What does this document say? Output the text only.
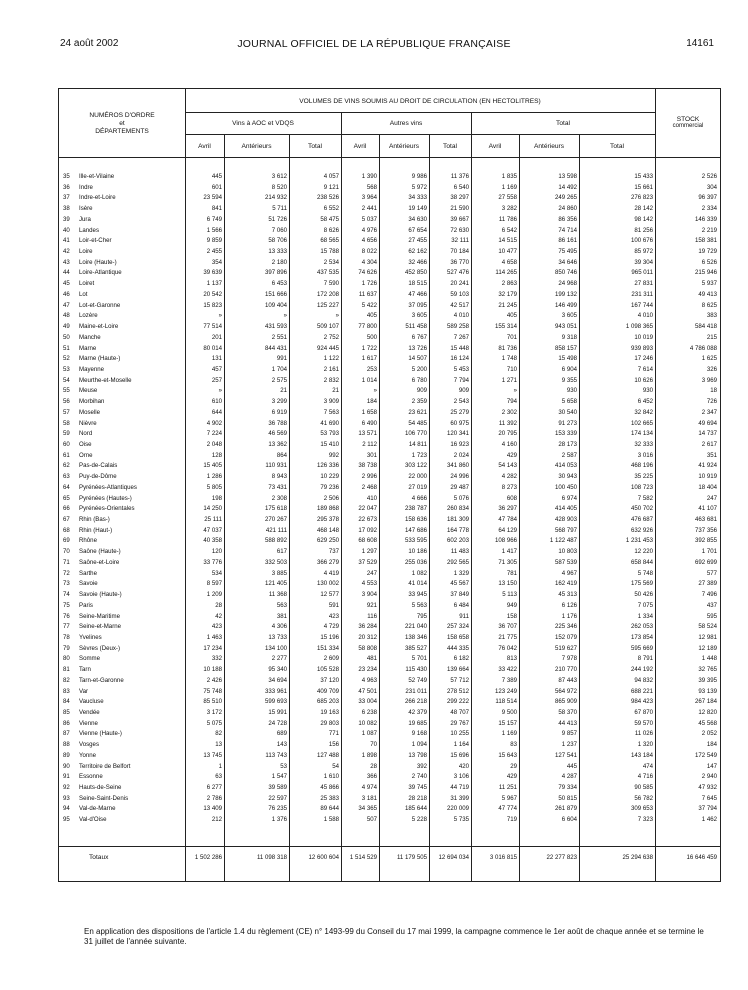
24 août 2002	JOURNAL OFFICIEL DE LA RÉPUBLIQUE FRANÇAISE	14161
NUMÉROS D'ORDRE
et
DÉPARTEMENTS
VOLUMES DE VINS SOUMIS AU DROIT DE CIRCULATION (EN HECTOLITRES)
Vins à AOC et VDQS	Autres vins	Total
STOCK
commercial
Avril	Antérieurs	Total	Avril	Antérieurs	Total	Avril	Antérieurs	Total
35 Ille-et-Vilaine	445	3 612	4 057	1 390	9 986	11 376	1 835	13 598	15 433	2 526
36 Indre	601	8 520	9 121	568	5 972	6 540	1 169	14 492	15 661	304
37 Indre-et-Loire	23 594	214 932	238 526	3 964	34 333	38 297	27 558	249 265	276 823	96 397
38 Isère	841	5 711	6 552	2 441	19 149	21 590	3 282	24 860	28 142	2 334
39 Jura	6 749	51 726	58 475	5 037	34 630	39 667	11 786	86 356	98 142	146 339
40 Landes	1 566	7 060	8 626	4 976	67 654	72 630	6 542	74 714	81 256	2 219
41 Loir-et-Cher	9 859	58 706	68 565	4 656	27 455	32 111	14 515	86 161	100 676	158 381
42 Loire	2 455	13 333	15 788	8 022	62 162	70 184	10 477	75 495	85 972	19 729
43 Loire (Haute-)	354	2 180	2 534	4 304	32 466	36 770	4 658	34 646	39 304	6 526
44 Loire-Atlantique	39 639	397 896	437 535	74 626	452 850	527 476	114 265	850 746	965 011	215 946
45 Loiret	1 137	6 453	7 590	1 726	18 515	20 241	2 863	24 968	27 831	5 937
46 Lot	20 542	151 666	172 208	11 637	47 466	59 103	32 179	199 132	231 311	49 413
47 Lot-et-Garonne	15 823	109 404	125 227	5 422	37 095	42 517	21 245	146 499	167 744	8 625
48 Lozère	»	»	»	405	3 605	4 010	405	3 605	4 010	383
49 Maine-et-Loire	77 514	431 593	509 107	77 800	511 458	589 258	155 314	943 051	1 098 365	584 418
50 Manche	201	2 551	2 752	500	6 767	7 267	701	9 318	10 019	215
51 Marne	80 014	844 431	924 445	1 722	13 726	15 448	81 736	858 157	939 893	4 786 088
52 Marne (Haute-)	131	991	1 122	1 617	14 507	16 124	1 748	15 498	17 246	1 625
53 Mayenne	457	1 704	2 161	253	5 200	5 453	710	6 904	7 614	326
54 Meurthe-et-Moselle	257	2 575	2 832	1 014	6 780	7 794	1 271	9 355	10 626	3 969
55 Meuse	»	21	21	»	909	909	»	930	930	18
56 Morbihan	610	3 299	3 909	184	2 359	2 543	794	5 658	6 452	726
57 Moselle	644	6 919	7 563	1 658	23 621	25 279	2 302	30 540	32 842	2 347
58 Nièvre	4 902	36 788	41 690	6 490	54 485	60 975	11 392	91 273	102 665	49 694
59 Nord	7 224	46 569	53 793	13 571	106 770	120 341	20 795	153 339	174 134	14 737
60 Oise	2 048	13 362	15 410	2 112	14 811	16 923	4 160	28 173	32 333	2 617
61 Orne	128	864	992	301	1 723	2 024	429	2 587	3 016	351
62 Pas-de-Calais	15 405	110 931	126 336	38 738	303 122	341 860	54 143	414 053	468 196	41 924
63 Puy-de-Dôme	1 286	8 943	10 229	2 996	22 000	24 996	4 282	30 943	35 225	10 919
64 Pyrénées-Atlantiques	5 805	73 431	79 236	2 468	27 019	29 487	8 273	100 450	108 723	18 404
65 Pyrénées (Hautes-)	198	2 308	2 506	410	4 666	5 076	608	6 974	7 582	247
66 Pyrénées-Orientales	14 250	175 618	189 868	22 047	238 787	260 834	36 297	414 405	450 702	41 107
67 Rhin (Bas-)	25 111	270 267	295 378	22 673	158 636	181 309	47 784	428 903	476 687	463 681
68 Rhin (Haut-)	47 037	421 111	468 148	17 092	147 686	164 778	64 129	568 797	632 926	737 356
69 Rhône	40 358	588 892	629 250	68 608	533 595	602 203	108 966	1 122 487	1 231 453	392 855
70 Saône (Haute-)	120	617	737	1 297	10 186	11 483	1 417	10 803	12 220	1 701
71 Saône-et-Loire	33 776	332 503	366 279	37 529	255 036	292 565	71 305	587 539	658 844	692 699
72 Sarthe	534	3 885	4 419	247	1 082	1 329	781	4 967	5 748	577
73 Savoie	8 597	121 405	130 002	4 553	41 014	45 567	13 150	162 419	175 569	27 389
74 Savoie (Haute-)	1 209	11 368	12 577	3 904	33 945	37 849	5 113	45 313	50 426	7 496
75 Paris	28	563	591	921	5 563	6 484	949	6 126	7 075	437
76 Seine-Maritime	42	381	423	116	795	911	158	1 176	1 334	595
77 Seine-et-Marne	423	4 306	4 729	36 284	221 040	257 324	36 707	225 346	262 053	58 524
78 Yvelines	1 463	13 733	15 196	20 312	138 346	158 658	21 775	152 079	173 854	12 981
79 Sèvres (Deux-)	17 234	134 100	151 334	58 808	385 527	444 335	76 042	519 627	595 669	12 189
80 Somme	332	2 277	2 609	481	5 701	6 182	813	7 978	8 791	1 448
81 Tarn	10 188	95 340	105 528	23 234	115 430	139 664	33 422	210 770	244 192	32 765
82 Tarn-et-Garonne	2 426	34 694	37 120	4 963	52 749	57 712	7 389	87 443	94 832	39 395
83 Var	75 748	333 961	409 709	47 501	231 011	278 512	123 249	564 972	688 221	93 139
84 Vaucluse	85 510	599 693	685 203	33 004	266 218	299 222	118 514	865 909	984 423	267 184
85 Vendée	3 172	15 991	19 163	6 238	42 379	48 707	9 500	58 370	67 870	12 820
86 Vienne	5 075	24 728	29 803	10 082	19 685	29 767	15 157	44 413	59 570	45 568
87 Vienne (Haute-)	82	689	771	1 087	9 168	10 255	1 169	9 857	11 026	2 052
88 Vosges	13	143	156	70	1 094	1 164	83	1 237	1 320	184
89 Yonne	13 745	113 743	127 488	1 898	13 798	15 696	15 643	127 541	143 184	172 549
90 Territoire de Belfort	1	53	54	28	392	420	29	445	474	147
91 Essonne	63	1 547	1 610	366	2 740	3 106	429	4 287	4 716	2 940
92 Hauts-de-Seine	6 277	39 589	45 866	4 974	39 745	44 719	11 251	79 334	90 585	47 932
93 Seine-Saint-Denis	2 786	22 597	25 383	3 181	28 218	31 399	5 967	50 815	56 782	7 645
94 Val-de-Marne	13 409	76 235	89 644	34 365	185 644	220 009	47 774	261 879	309 653	37 794
95 Val-d'Oise	212	1 376	1 588	507	5 228	5 735	719	6 604	7 323	1 462
Totaux	1 502 286	11 098 318	12 600 604	1 514 529	11 179 505	12 694 034	3 016 815	22 277 823	25 294 638	16 646 459
En application des dispositions de l'article 1.4 du règlement (CE) n° 1493-99 du Conseil du 17 mai 1999, la campagne commence le 1er août de chaque année et se termine le 31 juillet de l'année suivante.
